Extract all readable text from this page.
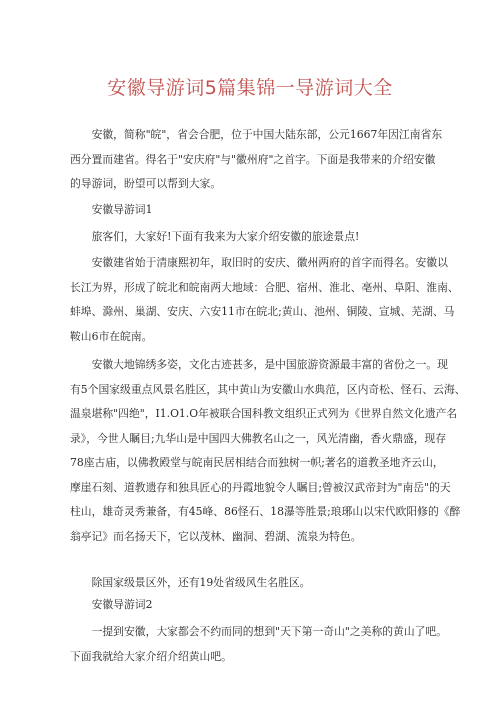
安徽导游词5篇集锦一导游词大全
　　安徽，简称"皖"，省会合肥，位于中国大陆东部，公元1667年因江南省东
西分置而建省。得名于"安庆府"与"徽州府"之首字。下面是我带来的介绍安徽
的导游词，盼望可以帮到大家。
　　安徽导游词1
　　旅客们，大家好!下面有我来为大家介绍安徽的旅途景点!
　　安徽建省始于清康熙初年，取旧时的安庆、徽州两府的首字而得名。安徽以
长江为界，形成了皖北和皖南两大地域：合肥、宿州、淮北、亳州、阜阳、淮南、
蚌埠、滁州、巢湖、安庆、六安11市在皖北;黄山、池州、铜陵、宣城、芜湖、马
鞍山6市在皖南。
　　安徽大地锦绣多姿，文化古迹甚多，是中国旅游资源最丰富的省份之一。现
有5个国家级重点风景名胜区，其中黄山为安徽山水典范，区内奇松、怪石、云海、
温泉堪称"四绝"，Ι1.O1.O年被联合国科教文组织正式列为《世界自然文化遗产名
录》，今世人瞩目;九华山是中国四大佛教名山之一，风光清幽，香火鼎盛，现存
78座古庙，以佛教殿堂与皖南民居相结合而独树一帜;著名的道教圣地齐云山，
摩崖石刻、道教遗存和独具匠心的丹霞地貌令人瞩目;曾被汉武帝封为"南岳"的天
柱山，雄奇灵秀兼备，有45峰、86怪石、18瀑等胜景;琅琊山以宋代欧阳修的《醉
翁亭记》而名扬天下，它以茂林、幽洞、碧湖、流泉为特色。
　　除国家级景区外，还有19处省级风生名胜区。
　　安徽导游词2
　　一提到安徽，大家都会不约而同的想到"天下第一奇山"之美称的黄山了吧。
下面我就给大家介绍介绍黄山吧。
